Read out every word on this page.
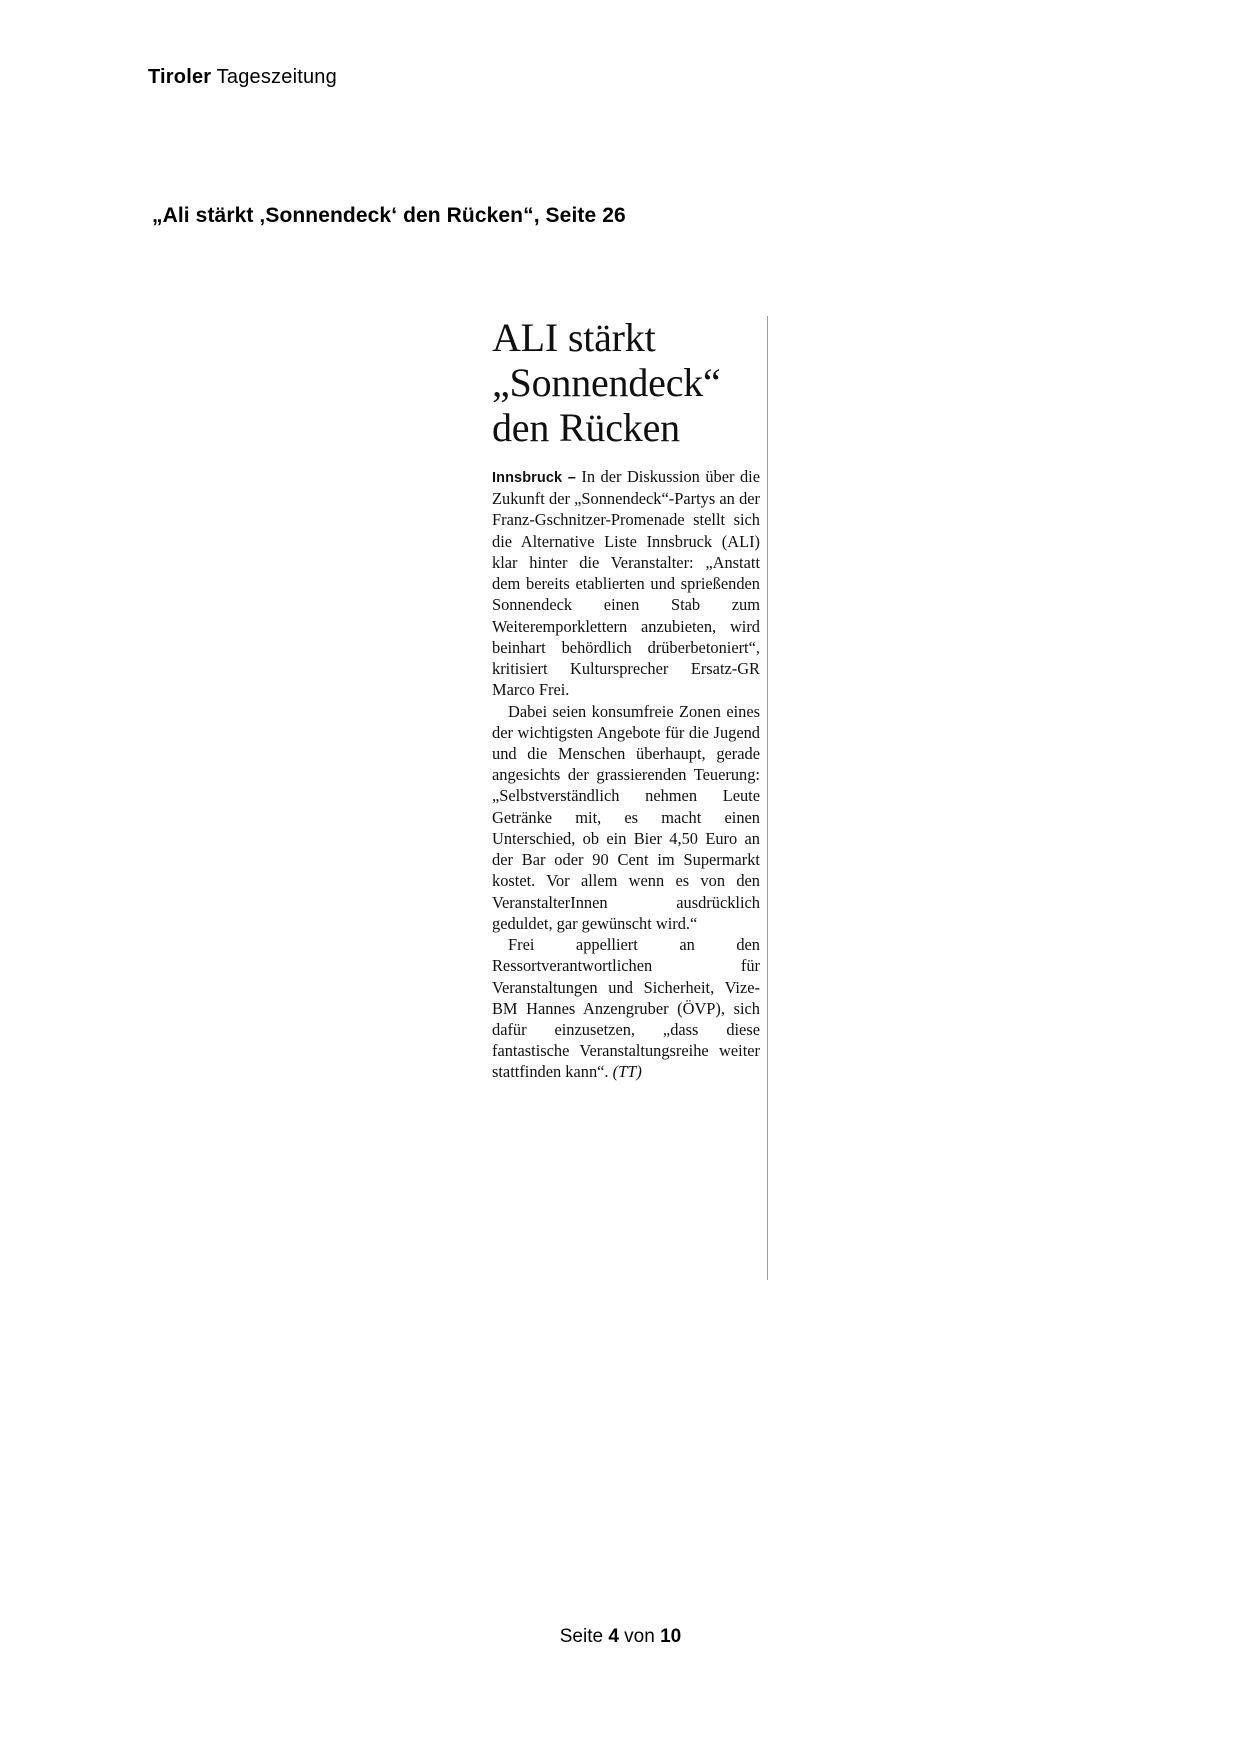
Tiroler Tageszeitung
„Ali stärkt ‚Sonnendeck‘ den Rücken“, Seite 26
ALI stärkt
„Sonnendeck“
den Rücken

Innsbruck – In der Diskussion über die Zukunft der „Sonnendeck“-Partys an der Franz-Gschnitzer-Promenade stellt sich die Alternative Liste Innsbruck (ALI) klar hinter die Veranstalter: „Anstatt dem bereits etablierten und sprießenden Sonnendeck einen Stab zum Weiteremporklettern anzubieten, wird beinhart behördlich drüberbetoniert“, kritisiert Kultursprecher Ersatz-GR Marco Frei.

Dabei seien konsumfreie Zonen eines der wichtigsten Angebote für die Jugend und die Menschen überhaupt, gerade angesichts der grassierenden Teuerung: „Selbstverständlich nehmen Leute Getränke mit, es macht einen Unterschied, ob ein Bier 4,50 Euro an der Bar oder 90 Cent im Supermarkt kostet. Vor allem wenn es von den VeranstalterInnen ausdrücklich geduldet, gar gewünscht wird.“

Frei appelliert an den Ressortverantwortlichen für Veranstaltungen und Sicherheit, Vize-BM Hannes Anzengruber (ÖVP), sich dafür einzusetzen, „dass diese fantastische Veranstaltungsreihe weiter stattfinden kann“. (TT)

Seite 4 von 10
